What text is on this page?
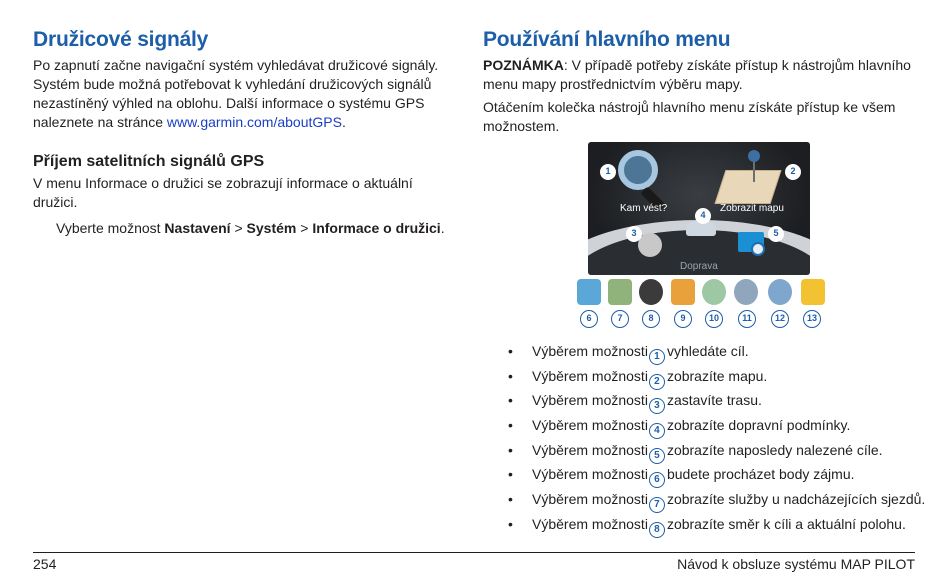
Družicové signály

Po zapnutí začne navigační systém vyhledávat družicové signály. Systém bude možná potřebovat k vyhledání družicových signálů nezastíněný výhled na oblohu. Další informace o systému GPS naleznete na stránce www.garmin.com/aboutGPS.

Příjem satelitních signálů GPS

V menu Informace o družici se zobrazují informace o aktuální družici.

Vyberte možnost Nastavení > Systém > Informace o družici.

Používání hlavního menu

POZNÁMKA: V případě potřeby získáte přístup k nástrojům hlavního menu mapy prostřednictvím výběru mapy.

Otáčením kolečka nástrojů hlavního menu získáte přístup ke všem možnostem.

Kam vést?	Zobrazit mapu
Doprava
1	2
3
4
5
6	7	8	9	10	11	12	13
• Výběrem možnosti 1 vyhledáte cíl.
• Výběrem možnosti 2 zobrazíte mapu.
• Výběrem možnosti 3 zastavíte trasu.
• Výběrem možnosti 4 zobrazíte dopravní podmínky.
• Výběrem možnosti 5 zobrazíte naposledy nalezené cíle.
• Výběrem možnosti 6 budete procházet body zájmu.
• Výběrem možnosti 7 zobrazíte služby u nadcházejících sjezdů.
• Výběrem možnosti 8 zobrazíte směr k cíli a aktuální polohu.
254	Návod k obsluze systému MAP PILOT
